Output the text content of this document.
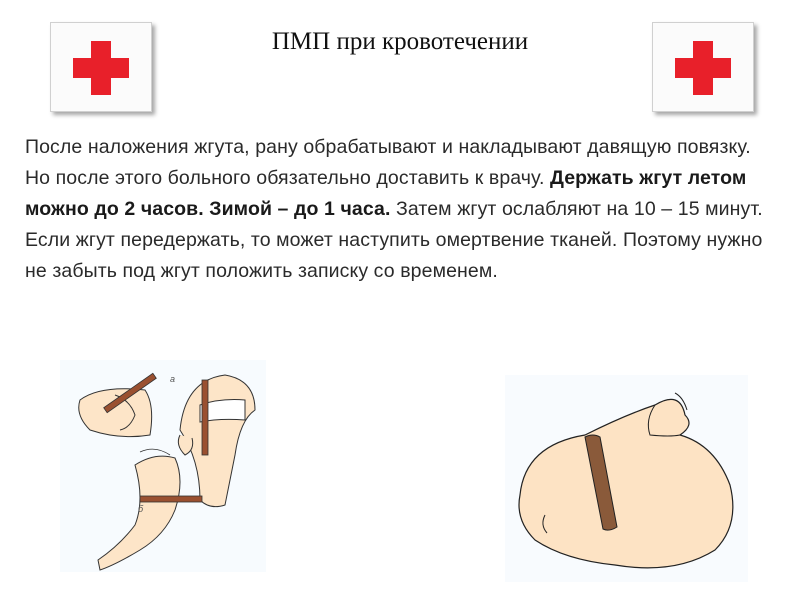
ПМП при кровотечении

После наложения жгута, рану обрабатывают и накладывают давящую повязку.

Но после этого больного обязательно доставить к врачу. Держать жгут летом можно до 2 часов. Зимой – до 1 часа. Затем жгут ослабляют на 10 – 15 минут. Если жгут передержать, то может наступить омертвение тканей. Поэтому нужно не забыть под жгут положить записку со временем.

а
б
